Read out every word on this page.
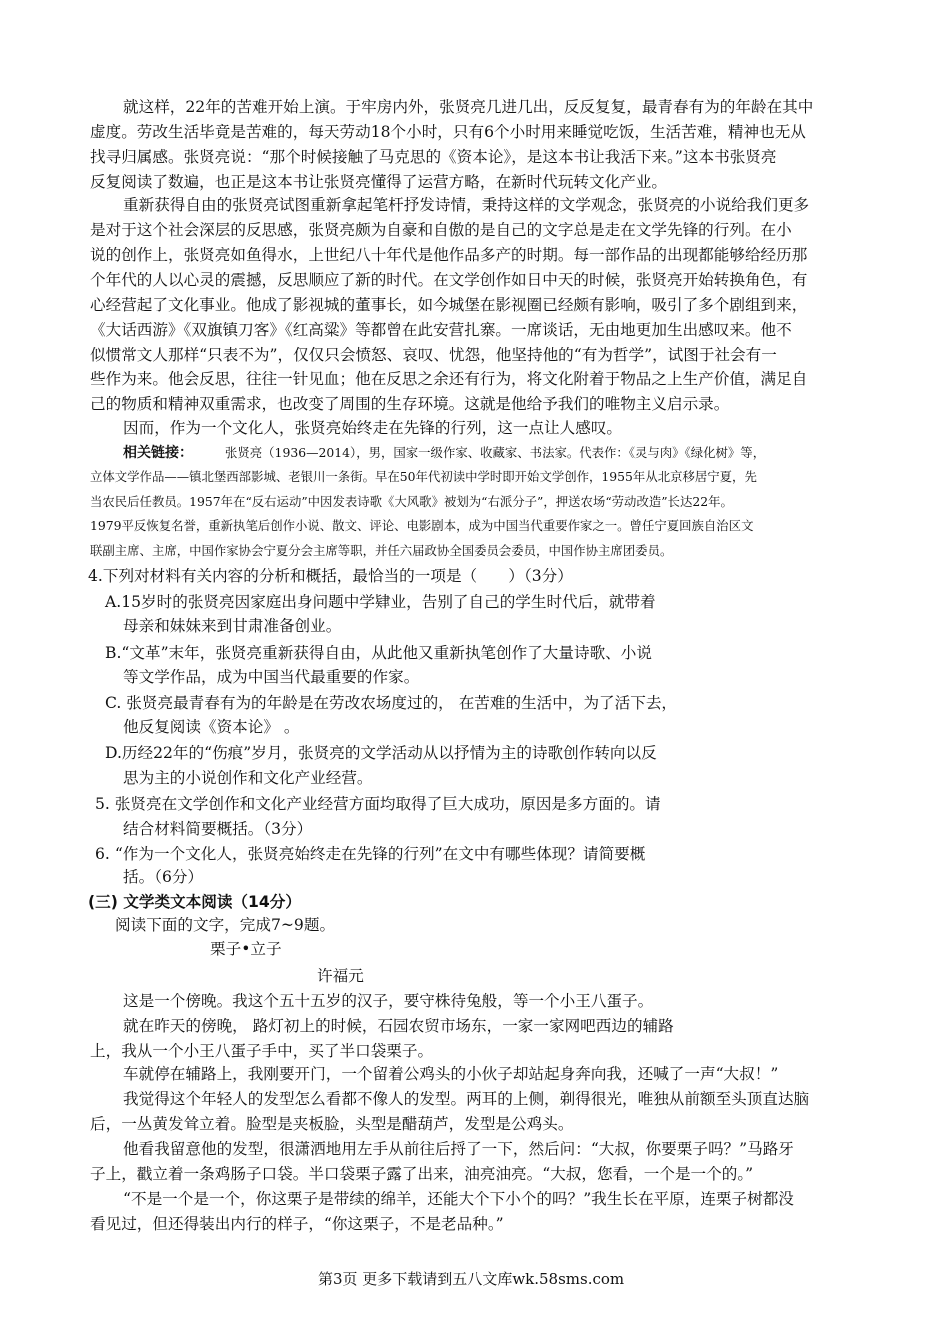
就这样，22年的苦难开始上演。于牢房内外，张贤亮几进几出，反反复复，最青春有为的年龄在其中
虚度。劳改生活毕竟是苦难的，每天劳动18个小时，只有6个小时用来睡觉吃饭，生活苦难，精神也无从
找寻归属感。张贤亮说：“那个时候接触了马克思的《资本论》，是这本书让我活下来。”这本书张贤亮
反复阅读了数遍，也正是这本书让张贤亮懂得了运营方略，在新时代玩转文化产业。
重新获得自由的张贤亮试图重新拿起笔杆抒发诗情，秉持这样的文学观念，张贤亮的小说给我们更多
是对于这个社会深层的反思感，张贤亮颇为自豪和自傲的是自己的文字总是走在文学先锋的行列。在小
说的创作上，张贤亮如鱼得水，上世纪八十年代是他作品多产的时期。每一部作品的出现都能够给经历那
个年代的人以心灵的震撼，反思顺应了新的时代。在文学创作如日中天的时候，张贤亮开始转换角色，有
心经营起了文化事业。他成了影视城的董事长，如今城堡在影视圈已经颇有影响，吸引了多个剧组到来，
《大话西游》《双旗镇刀客》《红高粱》等都曾在此安营扎寨。一席谈话，无由地更加生出感叹来。他不
似惯常文人那样“只表不为”，仅仅只会愤怒、哀叹、忧怨，他坚持他的“有为哲学”，试图于社会有一
些作为来。他会反思，往往一针见血；他在反思之余还有行为，将文化附着于物品之上生产价值，满足自
己的物质和精神双重需求，也改变了周围的生存环境。这就是他给予我们的唯物主义启示录。
因而，作为一个文化人，张贤亮始终走在先锋的行列，这一点让人感叹。
相关链接：	张贤亮（1936—2014），男，国家一级作家、收藏家、书法家。代表作：《灵与肉》《绿化树》等，
立体文学作品——镇北堡西部影城、老银川一条街。早在50年代初读中学时即开始文学创作，1955年从北京移居宁夏，先
当农民后任教员。1957年在“反右运动”中因发表诗歌《大风歌》被划为“右派分子”，押送农场“劳动改造”长达22年。
1979平反恢复名誉，重新执笔后创作小说、散文、评论、电影剧本，成为中国当代重要作家之一。曾任宁夏回族自治区文
联副主席、主席，中国作家协会宁夏分会主席等职，并任六届政协全国委员会委员，中国作协主席团委员。
4.下列对材料有关内容的分析和概括，最恰当的一项是（　　）（3分）
A.15岁时的张贤亮因家庭出身问题中学肄业，告别了自己的学生时代后，就带着
母亲和妹妹来到甘肃准备创业。
B.“文革”末年，张贤亮重新获得自由，从此他又重新执笔创作了大量诗歌、小说
等文学作品，成为中国当代最重要的作家。
C. 张贤亮最青春有为的年龄是在劳改农场度过的， 在苦难的生活中，为了活下去，
他反复阅读《资本论》 。
D.历经22年的“伤痕”岁月，张贤亮的文学活动从以抒情为主的诗歌创作转向以反
思为主的小说创作和文化产业经营。
5. 张贤亮在文学创作和文化产业经营方面均取得了巨大成功，原因是多方面的。请
结合材料简要概括。（3分）
6. “作为一个文化人，张贤亮始终走在先锋的行列”在文中有哪些体现？请简要概
括。（6分）
(三) 文学类文本阅读（14分）
阅读下面的文字，完成7~9题。
栗子•立子
许福元
这是一个傍晚。我这个五十五岁的汉子，要守株待兔般，等一个小王八蛋子。
就在昨天的傍晚， 路灯初上的时候，石园农贸市场东，一家一家网吧西边的辅路
上，我从一个小王八蛋子手中，买了半口袋栗子。
车就停在辅路上，我刚要开门，一个留着公鸡头的小伙子却站起身奔向我，还喊了一声“大叔！”
我觉得这个年轻人的发型怎么看都不像人的发型。两耳的上侧，剃得很光，唯独从前额至头顶直达脑
后，一丛黄发耸立着。脸型是夹板脸，头型是醋葫芦，发型是公鸡头。
他看我留意他的发型，很潇洒地用左手从前往后捋了一下，然后问：“大叔，你要栗子吗？”马路牙
子上，戳立着一条鸡肠子口袋。半口袋栗子露了出来，油亮油亮。“大叔，您看，一个是一个的。”
“不是一个是一个，你这栗子是带续的绵羊，还能大个下小个的吗？”我生长在平原，连栗子树都没
看见过，但还得装出内行的样子，“你这栗子，不是老品种。”
第3页 更多下载请到五八文库wk.58sms.com
